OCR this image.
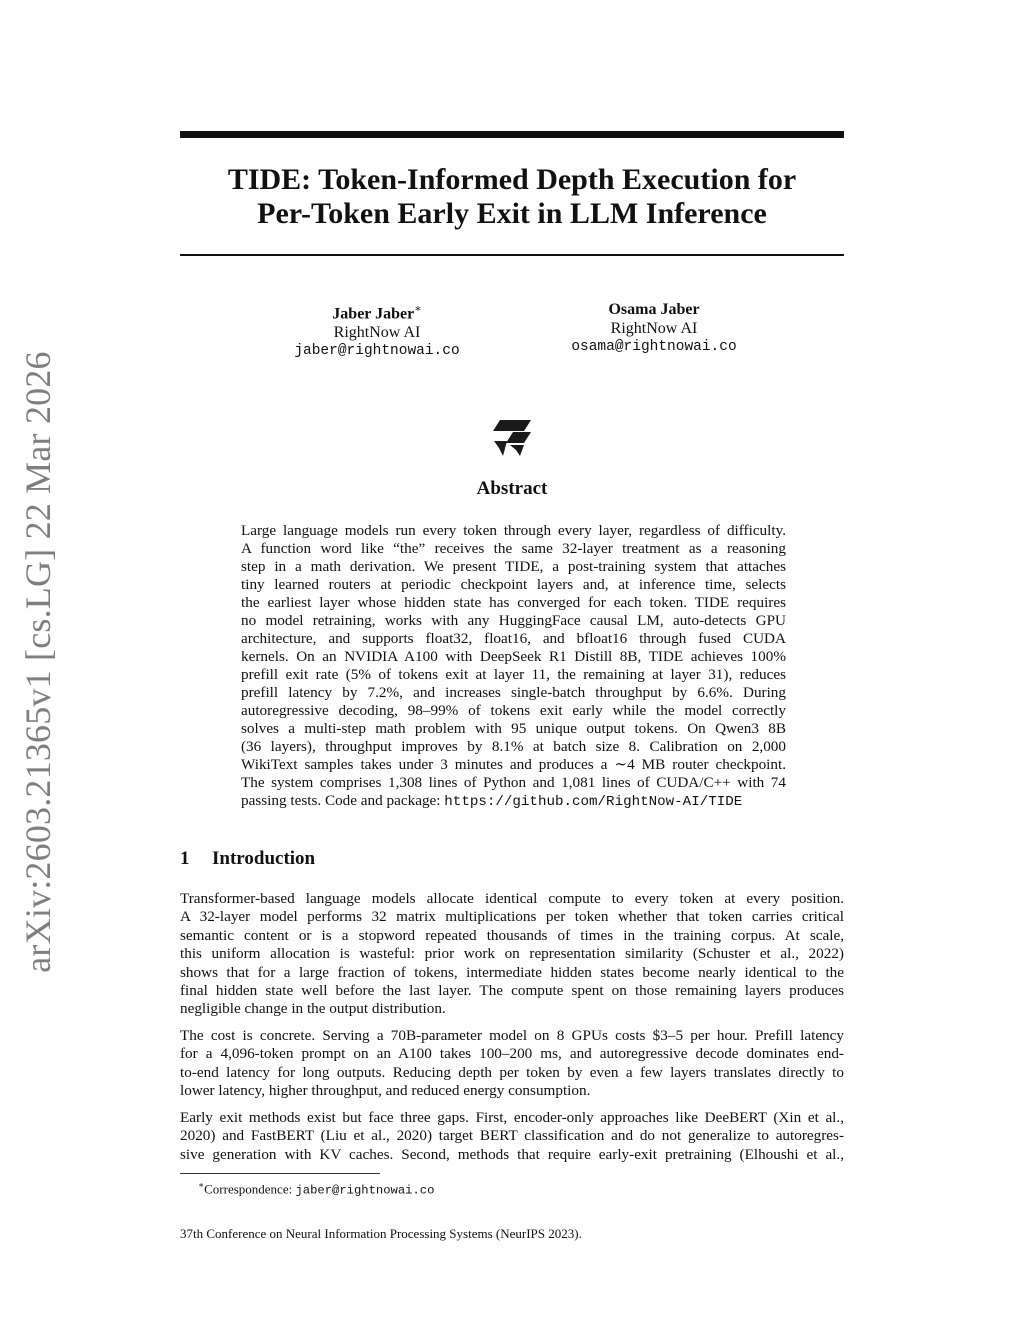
arXiv:2603.21365v1 [cs.LG] 22 Mar 2026
TIDE: Token-Informed Depth Execution for
Per-Token Early Exit in LLM Inference
Jaber Jaber∗
RightNow AI
jaber@rightnowai.co
Osama Jaber
RightNow AI
osama@rightnowai.co
Abstract
Large language models run every token through every layer, regardless of difficulty.
A function word like “the” receives the same 32-layer treatment as a reasoning
step in a math derivation. We present TIDE, a post-training system that attaches
tiny learned routers at periodic checkpoint layers and, at inference time, selects
the earliest layer whose hidden state has converged for each token. TIDE requires
no model retraining, works with any HuggingFace causal LM, auto-detects GPU
architecture, and supports float32, float16, and bfloat16 through fused CUDA
kernels. On an NVIDIA A100 with DeepSeek R1 Distill 8B, TIDE achieves 100%
prefill exit rate (5% of tokens exit at layer 11, the remaining at layer 31), reduces
prefill latency by 7.2%, and increases single-batch throughput by 6.6%. During
autoregressive decoding, 98–99% of tokens exit early while the model correctly
solves a multi-step math problem with 95 unique output tokens. On Qwen3 8B
(36 layers), throughput improves by 8.1% at batch size 8. Calibration on 2,000
WikiText samples takes under 3 minutes and produces a ∼4 MB router checkpoint.
The system comprises 1,308 lines of Python and 1,081 lines of CUDA/C++ with 74
passing tests. Code and package: https://github.com/RightNow-AI/TIDE
1 Introduction
Transformer-based language models allocate identical compute to every token at every position.
A 32-layer model performs 32 matrix multiplications per token whether that token carries critical
semantic content or is a stopword repeated thousands of times in the training corpus. At scale,
this uniform allocation is wasteful: prior work on representation similarity (Schuster et al., 2022)
shows that for a large fraction of tokens, intermediate hidden states become nearly identical to the
final hidden state well before the last layer. The compute spent on those remaining layers produces
negligible change in the output distribution.
The cost is concrete. Serving a 70B-parameter model on 8 GPUs costs $3–5 per hour. Prefill latency
for a 4,096-token prompt on an A100 takes 100–200 ms, and autoregressive decode dominates end-
to-end latency for long outputs. Reducing depth per token by even a few layers translates directly to
lower latency, higher throughput, and reduced energy consumption.
Early exit methods exist but face three gaps. First, encoder-only approaches like DeeBERT (Xin et al.,
2020) and FastBERT (Liu et al., 2020) target BERT classification and do not generalize to autoregres-
sive generation with KV caches. Second, methods that require early-exit pretraining (Elhoushi et al.,
∗Correspondence: jaber@rightnowai.co
37th Conference on Neural Information Processing Systems (NeurIPS 2023).
